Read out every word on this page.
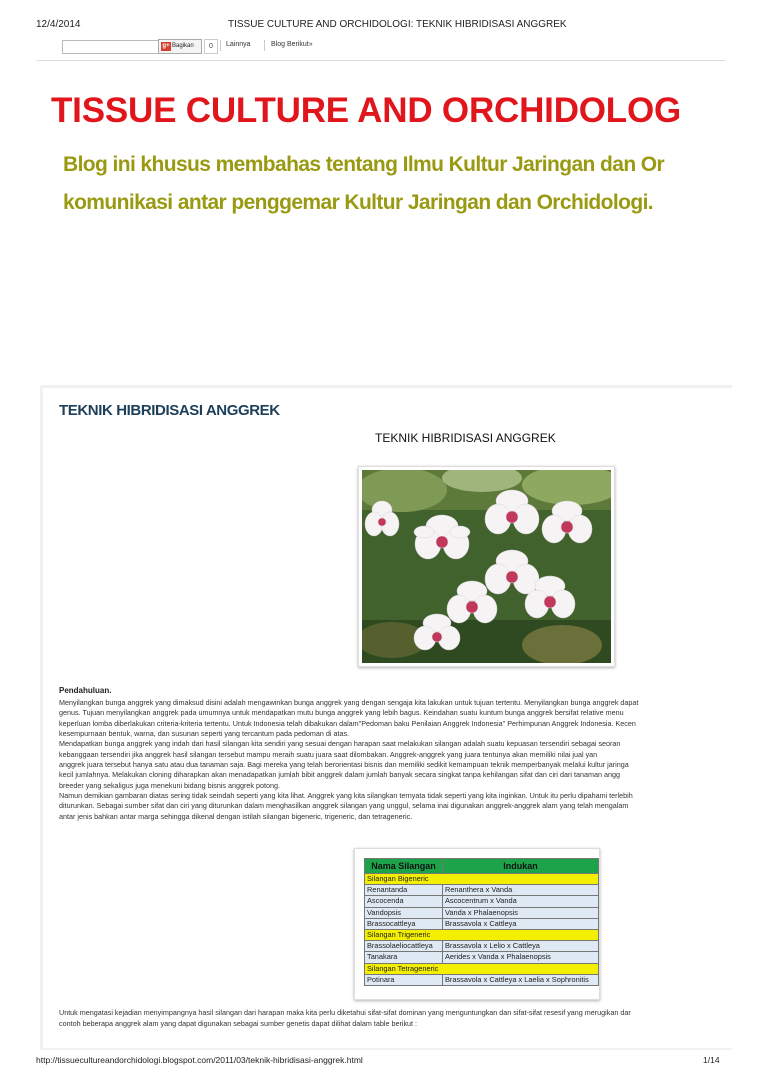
12/4/2014	TISSUE CULTURE AND ORCHIDOLOGI: TEKNIK HIBRIDISASI ANGGREK
g+ Bagikan	0	Lainnya	Blog Berikut»
TISSUE CULTURE AND ORCHIDOLOG
Blog ini khusus membahas tentang Ilmu Kultur Jaringan dan Or
komunikasi antar penggemar Kultur Jaringan dan Orchidologi.
TEKNIK HIBRIDISASI ANGGREK
TEKNIK HIBRIDISASI ANGGREK
Pendahuluan.
Menyilangkan bunga anggrek yang dimaksud disini adalah mengawinkan bunga anggrek yang dengan sengaja kita lakukan untuk tujuan tertentu. Menyilangkan bunga anggrek dapat
genus. Tujuan menyilangkan anggrek pada umumnya untuk mendapatkan mutu bunga anggrek yang lebih bagus. Keindahan suatu kuntum bunga anggrek bersifat relative menu
keperluan lomba diberlakukan criteria-kriteria tertentu. Untuk Indonesia telah dibakukan dalam"Pedoman baku Penilaian Anggrek Indonesia" Perhimpunan Anggrek Indonesia. Kecen
kesempurnaan bentuk, warna, dan susunan seperti yang tercantum pada pedoman di atas.
Mendapatkan bunga anggrek yang indah dari hasil silangan kita sendiri yang sesuai dengan harapan saat melakukan silangan adalah suatu kepuasan tersendiri sebagai seoran
kebanggaan tersendiri jika anggrek hasil silangan tersebut mampu meraih suatu juara saat dilombakan. Anggrek-anggrek yang juara tentunya akan memiliki nilai jual yan
anggrek juara tersebut hanya satu atau dua tanaman saja. Bagi mereka yang telah berorientasi bisnis dan memiliki sedikit kemampuan teknik memperbanyak melalui kultur jaringa
kecil jumlahnya. Melakukan cloning diharapkan akan menadapatkan jumlah bibit anggrek dalam jumlah banyak secara singkat tanpa kehilangan sifat dan ciri dari tanaman angg
breeder yang sekaligus juga menekuni bidang bisnis anggrek potong.
Namun demikian gambaran diatas sering tidak seindah seperti yang kita lihat. Anggrek yang kita silangkan ternyata tidak seperti yang kita inginkan. Untuk itu perlu dipahami terlebih
diturunkan. Sebagai sumber sifat dan ciri yang diturunkan dalam menghasilkan anggrek silangan yang unggul, selama inai digunakan anggrek-anggrek alam yang telah mengalam
antar jenis bahkan antar marga sehingga dikenal dengan istilah silangan bigeneric, trigeneric, dan tetrageneric.
Nama Silangan	Indukan
Silangan Bigeneric	
Renantanda	Renanthera x Vanda
Ascocenda	Ascocentrum x Vanda
Vandopsis	Vanda x Phalaenopsis
Brassocattleya	Brassavola x Cattleya
Silangan Trigeneric	
Brassolaeliocattleya	Brassavola x Lelio x Cattleya
Tanakara	Aerides x Vanda x Phalaenopsis
Silangan Tetrageneric	
Potinara	Brassavola x Cattleya x Laelia x Sophronitis
Untuk mengatasi kejadian menyimpangnya hasil silangan dari harapan maka kita perlu diketahui sifat-sifat dominan yang menguntungkan dan sifat-sifat resesif yang merugikan dar
contoh beberapa anggrek alam yang dapat digunakan sebagai sumber genetis dapat dilihat dalam table berikut :
http://tissuecultureandorchidologi.blogspot.com/2011/03/teknik-hibridisasi-anggrek.html	1/14
